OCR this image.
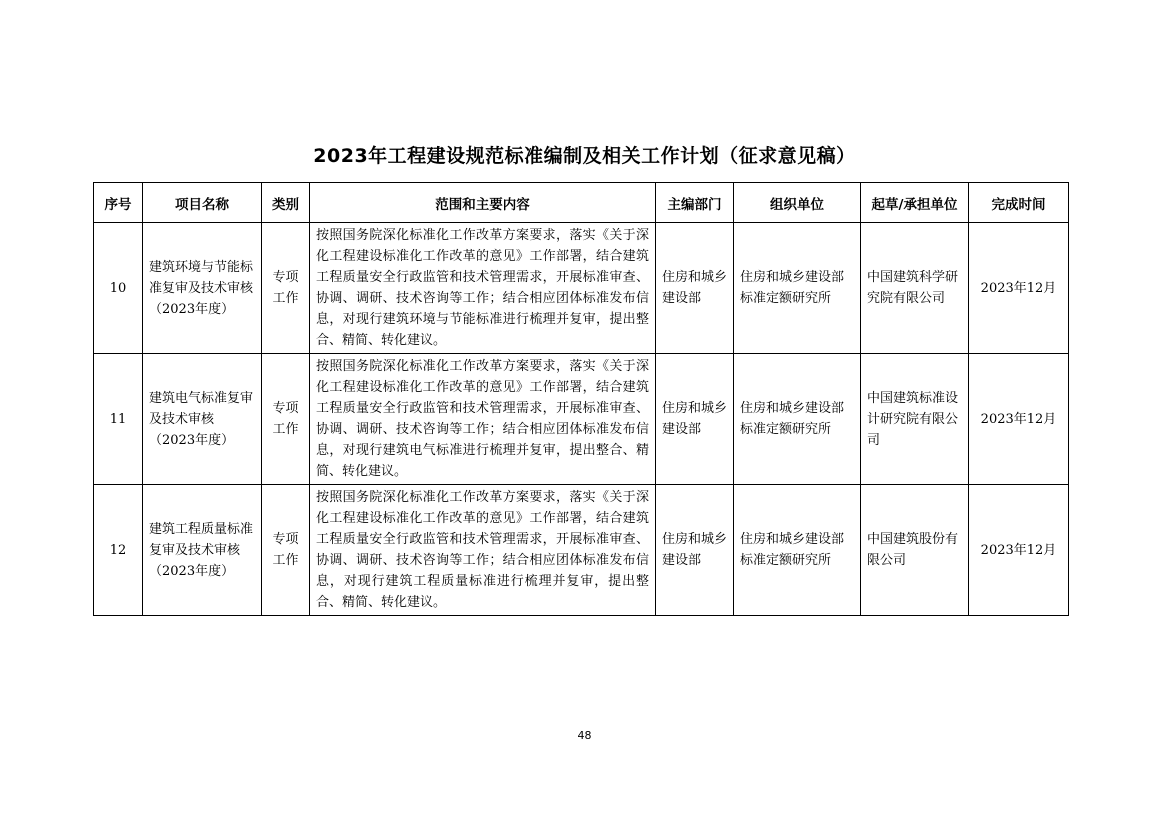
2023年工程建设规范标准编制及相关工作计划（征求意见稿）
序号	项目名称	类别	范围和主要内容	主编部门	组织单位	起草/承担单位	完成时间
10	建筑环境与节能标准复审及技术审核（2023年度）	专项工作	按照国务院深化标准化工作改革方案要求，落实《关于深化工程建设标准化工作改革的意见》工作部署，结合建筑工程质量安全行政监管和技术管理需求，开展标准审查、协调、调研、技术咨询等工作；结合相应团体标准发布信息，对现行建筑环境与节能标准进行梳理并复审，提出整合、精简、转化建议。	住房和城乡建设部	住房和城乡建设部标准定额研究所	中国建筑科学研究院有限公司	2023年12月
11	建筑电气标准复审及技术审核（2023年度）	专项工作	按照国务院深化标准化工作改革方案要求，落实《关于深化工程建设标准化工作改革的意见》工作部署，结合建筑工程质量安全行政监管和技术管理需求，开展标准审查、协调、调研、技术咨询等工作；结合相应团体标准发布信息，对现行建筑电气标准进行梳理并复审，提出整合、精简、转化建议。	住房和城乡建设部	住房和城乡建设部标准定额研究所	中国建筑标准设计研究院有限公司	2023年12月
12	建筑工程质量标准复审及技术审核（2023年度）	专项工作	按照国务院深化标准化工作改革方案要求，落实《关于深化工程建设标准化工作改革的意见》工作部署，结合建筑工程质量安全行政监管和技术管理需求，开展标准审查、协调、调研、技术咨询等工作；结合相应团体标准发布信息，对现行建筑工程质量标准进行梳理并复审，提出整合、精简、转化建议。	住房和城乡建设部	住房和城乡建设部标准定额研究所	中国建筑股份有限公司	2023年12月
48
